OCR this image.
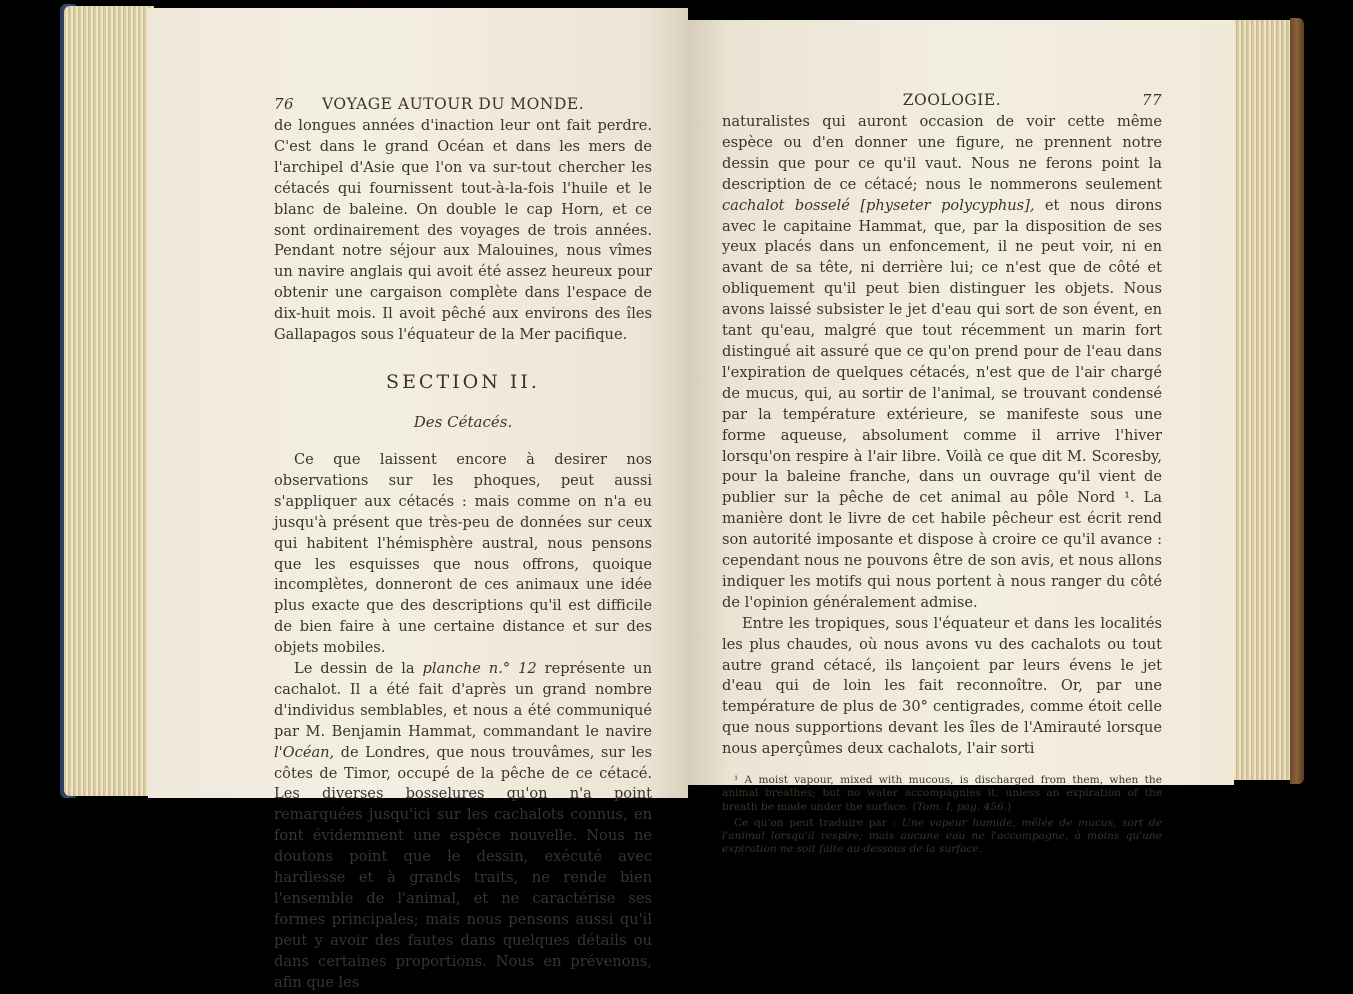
76	VOYAGE AUTOUR DU MONDE.

de longues années d'inaction leur ont fait perdre. C'est dans le grand Océan et dans les mers de l'archipel d'Asie que l'on va sur-tout chercher les cétacés qui fournissent tout-à-la-fois l'huile et le blanc de baleine. On double le cap Horn, et ce sont ordinairement des voyages de trois années. Pendant notre séjour aux Malouines, nous vîmes un navire anglais qui avoit été assez heureux pour obtenir une cargaison complète dans l'espace de dix-huit mois. Il avoit pêché aux environs des îles Gallapagos sous l'équateur de la Mer pacifique.

SECTION II.
Des Cétacés.

Ce que laissent encore à desirer nos observations sur les phoques, peut aussi s'appliquer aux cétacés : mais comme on n'a eu jusqu'à présent que très-peu de données sur ceux qui habitent l'hémisphère austral, nous pensons que les esquisses que nous offrons, quoique incomplètes, donneront de ces animaux une idée plus exacte que des descriptions qu'il est difficile de bien faire à une certaine distance et sur des objets mobiles.

Le dessin de la planche n.° 12 représente un cachalot. Il a été fait d'après un grand nombre d'individus semblables, et nous a été communiqué par M. Benjamin Hammat, commandant le navire l'Océan, de Londres, que nous trouvâmes, sur les côtes de Timor, occupé de la pêche de ce cétacé. Les diverses bosselures qu'on n'a point remarquées jusqu'ici sur les cachalots connus, en font évidemment une espèce nouvelle. Nous ne doutons point que le dessin, exécuté avec hardiesse et à grands traits, ne rende bien l'ensemble de l'animal, et ne caractérise ses formes principales; mais nous pensons aussi qu'il peut y avoir des fautes dans quelques détails ou dans certaines proportions. Nous en prévenons, afin que les

ZOOLOGIE.	77

naturalistes qui auront occasion de voir cette même espèce ou d'en donner une figure, ne prennent notre dessin que pour ce qu'il vaut. Nous ne ferons point la description de ce cétacé; nous le nommerons seulement cachalot bosselé [physeter polycyphus], et nous dirons avec le capitaine Hammat, que, par la disposition de ses yeux placés dans un enfoncement, il ne peut voir, ni en avant de sa tête, ni derrière lui; ce n'est que de côté et obliquement qu'il peut bien distinguer les objets. Nous avons laissé subsister le jet d'eau qui sort de son évent, en tant qu'eau, malgré que tout récemment un marin fort distingué ait assuré que ce qu'on prend pour de l'eau dans l'expiration de quelques cétacés, n'est que de l'air chargé de mucus, qui, au sortir de l'animal, se trouvant condensé par la température extérieure, se manifeste sous une forme aqueuse, absolument comme il arrive l'hiver lorsqu'on respire à l'air libre. Voilà ce que dit M. Scoresby, pour la baleine franche, dans un ouvrage qu'il vient de publier sur la pêche de cet animal au pôle Nord ¹. La manière dont le livre de cet habile pêcheur est écrit rend son autorité imposante et dispose à croire ce qu'il avance : cependant nous ne pouvons être de son avis, et nous allons indiquer les motifs qui nous portent à nous ranger du côté de l'opinion généralement admise.

Entre les tropiques, sous l'équateur et dans les localités les plus chaudes, où nous avons vu des cachalots ou tout autre grand cétacé, ils lançoient par leurs évens le jet d'eau qui de loin les fait reconnoître. Or, par une température de plus de 30° centigrades, comme étoit celle que nous supportions devant les îles de l'Amirauté lorsque nous aperçûmes deux cachalots, l'air sorti

¹ A moist vapour, mixed with mucous, is discharged from them, when the animal breathes; but no water accompagnies it, unless an expiration of the breath be made under the surface. (Tom. I, pag. 456.)

Ce qu'on peut traduire par : Une vapeur humide, mêlée de mucus, sort de l'animal lorsqu'il respire; mais aucune eau ne l'accompagne, à moins qu'une expiration ne soit faite au-dessous de la surface.
